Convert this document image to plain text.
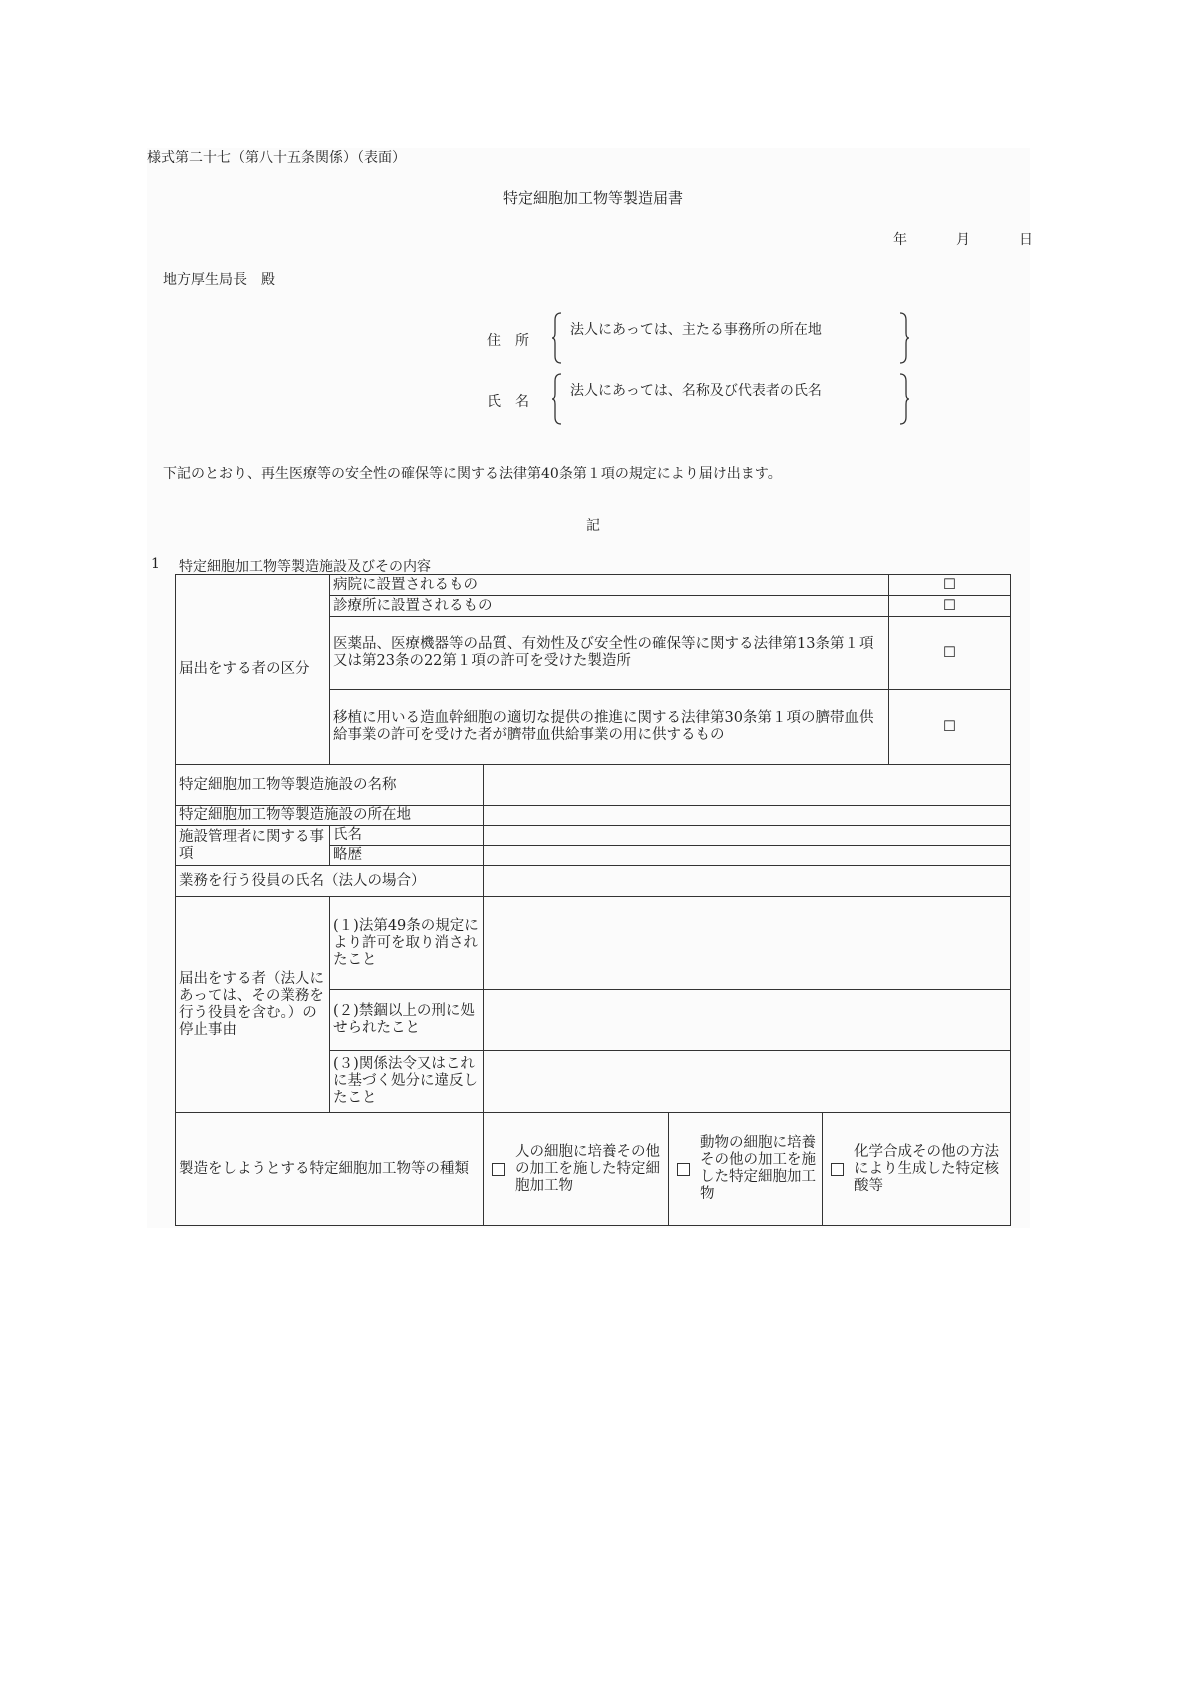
様式第二十七（第八十五条関係）（表面）
特定細胞加工物等製造届書
年	月	日
地方厚生局長　殿
住　所
法人にあっては、主たる事務所の所在地
氏　名
法人にあっては、名称及び代表者の氏名
下記のとおり、再生医療等の安全性の確保等に関する法律第40条第１項の規定により届け出ます。
記
1 特定細胞加工物等製造施設及びその内容
届出をする者の区分	病院に設置されるもの				☐
	診療所に設置されるもの				☐
	医薬品、医療機器等の品質、有効性及び安全性の確保等に関する法律第13条第１項又は第23条の22第１項の許可を受けた製造所				☐
	移植に用いる造血幹細胞の適切な提供の推進に関する法律第30条第１項の臍帯血供給事業の許可を受けた者が臍帯血供給事業の用に供するもの				☐
特定細胞加工物等製造施設の名称					
特定細胞加工物等製造施設の所在地					
施設管理者に関する事項	氏名				
	略歴				
業務を行う役員の氏名（法人の場合）					
届出をする者（法人にあっては、その業務を行う役員を含む。）の停止事由	(１)法第49条の規定により許可を取り消されたこと				
	(２)禁錮以上の刑に処せられたこと				
	(３)関係法令又はこれに基づく処分に違反したこと				
製造をしようとする特定細胞加工物等の種類		人の細胞に培養その他の加工を施した特定細胞加工物	動物の細胞に培養その他の加工を施した特定細胞加工物	化学合成その他の方法により生成した特定核酸等	
